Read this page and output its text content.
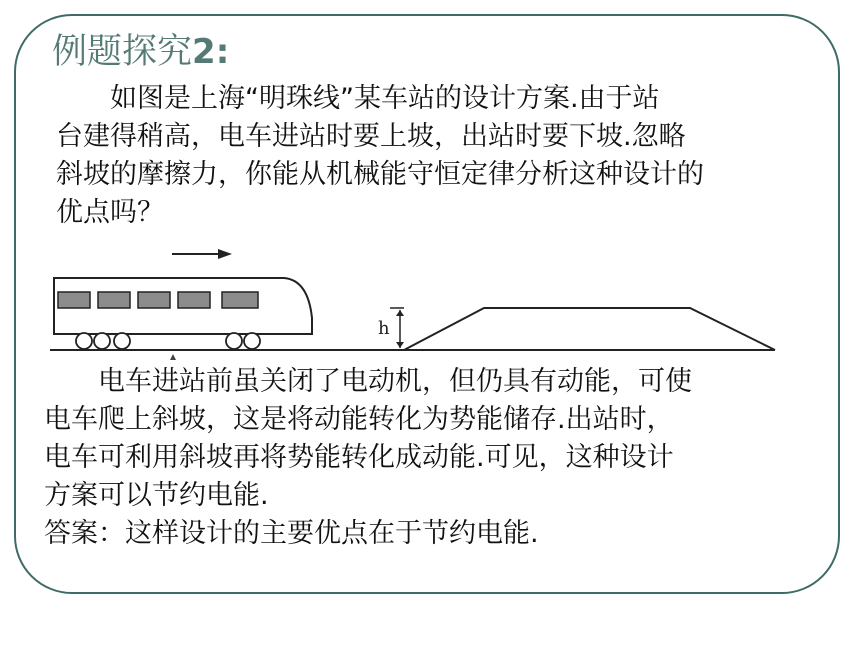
例题探究2:
　　如图是上海“明珠线”某车站的设计方案.由于站
台建得稍高，电车进站时要上坡，出站时要下坡.忽略
斜坡的摩擦力，你能从机械能守恒定律分析这种设计的
优点吗？
h
　　电车进站前虽关闭了电动机，但仍具有动能，可使
电车爬上斜坡，这是将动能转化为势能储存.出站时，
电车可利用斜坡再将势能转化成动能.可见，这种设计
方案可以节约电能.
答案：这样设计的主要优点在于节约电能.
